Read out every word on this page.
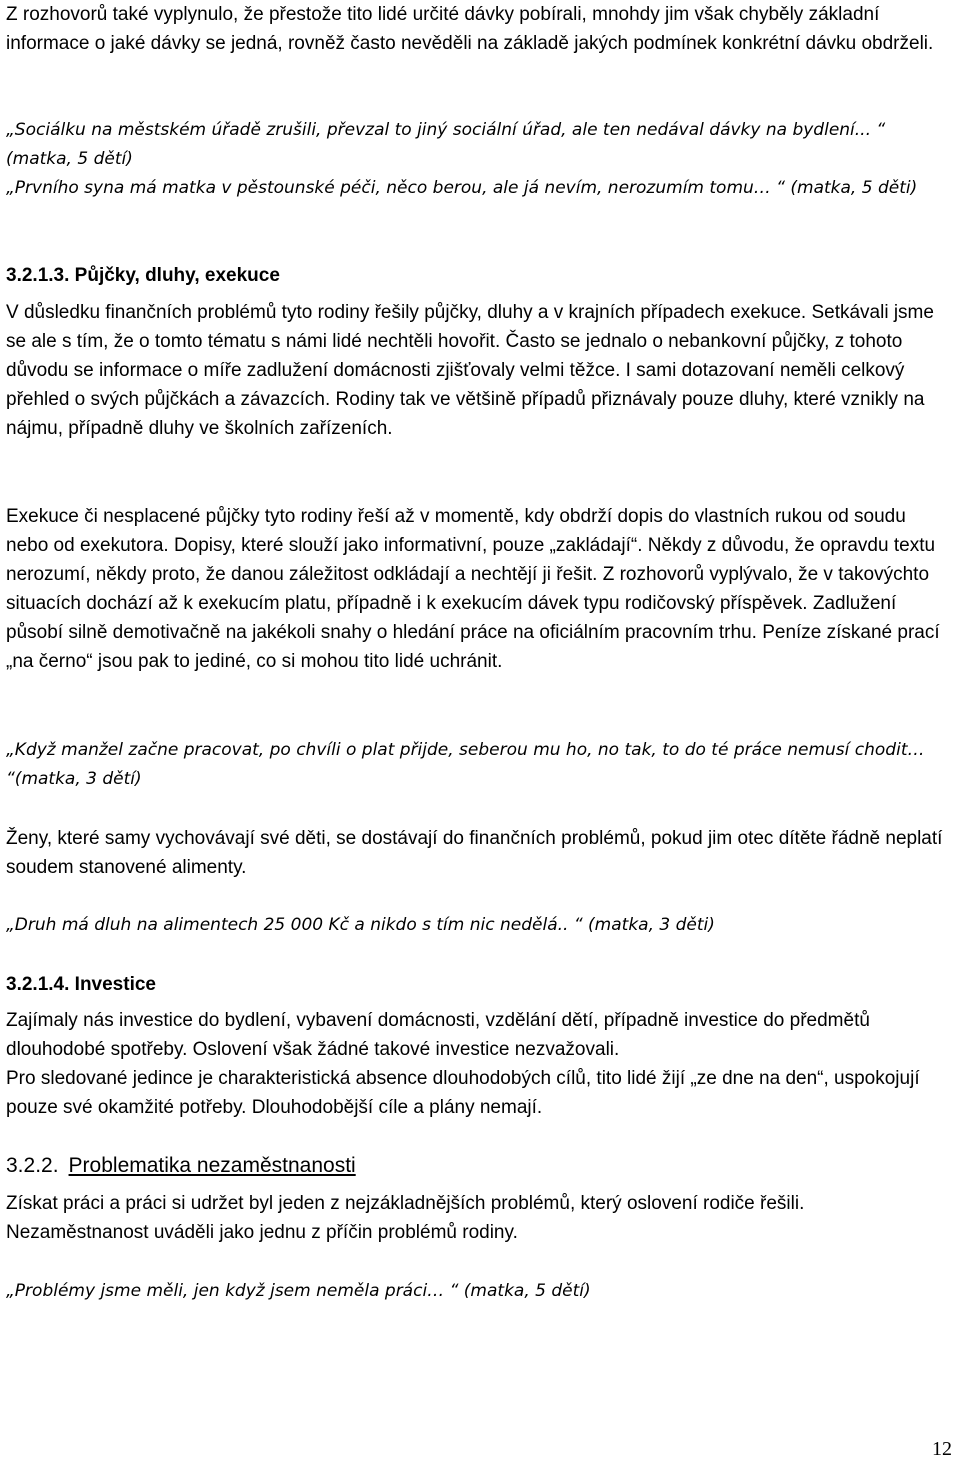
Z rozhovorů také vyplynulo, že přestože tito lidé určité dávky pobírali, mnohdy jim však chyběly základní informace o jaké dávky se jedná, rovněž často nevěděli na základě jakých podmínek konkrétní dávku obdrželi.

„Sociálku na městském úřadě zrušili, převzal to jiný sociální úřad, ale ten nedával dávky na bydlení... “ (matka, 5 dětí)

„Prvního syna má matka v pěstounské péči, něco berou, ale já nevím, nerozumím tomu… “ (matka, 5 děti)

3.2.1.3. Půjčky, dluhy, exekuce

V důsledku finančních problémů tyto rodiny řešily půjčky, dluhy a v krajních případech exekuce. Setkávali jsme se ale s tím, že o tomto tématu s námi lidé nechtěli hovořit. Často se jednalo o nebankovní půjčky, z tohoto důvodu se informace o míře zadlužení domácnosti zjišťovaly velmi těžce. I sami dotazovaní neměli celkový přehled o svých půjčkách a závazcích. Rodiny tak ve většině případů přiznávaly pouze dluhy, které vznikly na nájmu, případně dluhy ve školních zařízeních.

Exekuce či nesplacené půjčky tyto rodiny řeší až v momentě, kdy obdrží dopis do vlastních rukou od soudu nebo od exekutora. Dopisy, které slouží jako informativní, pouze „zakládají“. Někdy z důvodu, že opravdu textu nerozumí, někdy proto, že danou záležitost odkládají a nechtějí ji řešit. Z rozhovorů vyplývalo, že v takovýchto situacích dochází až k exekucím platu, případně i k exekucím dávek typu rodičovský příspěvek. Zadlužení působí silně demotivačně na jakékoli snahy o hledání práce na oficiálním pracovním trhu. Peníze získané prací „na černo“ jsou pak to jediné, co si mohou tito lidé uchránit.

„Když manžel začne pracovat, po chvíli o plat přijde, seberou mu ho, no tak, to do té práce nemusí chodit… “(matka, 3 dětí)

Ženy, které samy vychovávají své děti, se dostávají do finančních problémů, pokud jim otec dítěte řádně neplatí soudem stanovené alimenty.

„Druh má dluh na alimentech 25 000 Kč a nikdo s tím nic nedělá.. “ (matka, 3 děti)

3.2.1.4. Investice

Zajímaly nás investice do bydlení, vybavení domácnosti, vzdělání dětí, případně investice do předmětů dlouhodobé spotřeby. Oslovení však žádné takové investice nezvažovali.

Pro sledované jedince je charakteristická absence dlouhodobých cílů, tito lidé žijí „ze dne na den“, uspokojují pouze své okamžité potřeby. Dlouhodobější cíle a plány nemají.

3.2.2. Problematika nezaměstnanosti

Získat práci a práci si udržet byl jeden z nejzákladnějších problémů, který oslovení rodiče řešili. Nezaměstnanost uváděli jako jednu z příčin problémů rodiny.

„Problémy jsme měli, jen když jsem neměla práci… “ (matka, 5 dětí)

12
